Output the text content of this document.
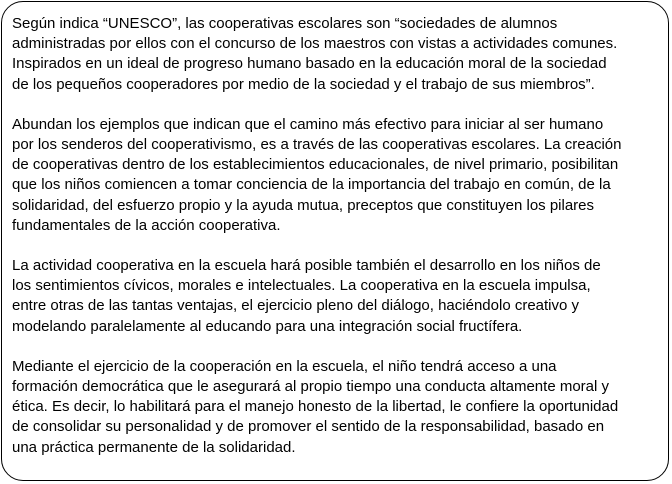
Según indica “UNESCO”, las cooperativas escolares son “sociedades de alumnos
administradas por ellos con el concurso de los maestros con vistas a actividades comunes.
Inspirados en un ideal de progreso humano basado en la educación moral de la sociedad
de los pequeños cooperadores por medio de la sociedad y el trabajo de sus miembros”.

Abundan los ejemplos que indican que el camino más efectivo para iniciar al ser humano
por los senderos del cooperativismo, es a través de las cooperativas escolares. La creación
de cooperativas dentro de los establecimientos educacionales, de nivel primario, posibilitan
que los niños comiencen a tomar conciencia de la importancia del trabajo en común, de la
solidaridad, del esfuerzo propio y la ayuda mutua, preceptos que constituyen los pilares
fundamentales de la acción cooperativa.

La actividad cooperativa en la escuela hará posible también el desarrollo en los niños de
los sentimientos cívicos, morales e intelectuales. La cooperativa en la escuela impulsa,
entre otras de las tantas ventajas, el ejercicio pleno del diálogo, haciéndolo creativo y
modelando paralelamente al educando para una integración social fructífera.

Mediante el ejercicio de la cooperación en la escuela, el niño tendrá acceso a una
formación democrática que le asegurará al propio tiempo una conducta altamente moral y
ética. Es decir, lo habilitará para el manejo honesto de la libertad, le confiere la oportunidad
de consolidar su personalidad y de promover el sentido de la responsabilidad, basado en
una práctica permanente de la solidaridad.
